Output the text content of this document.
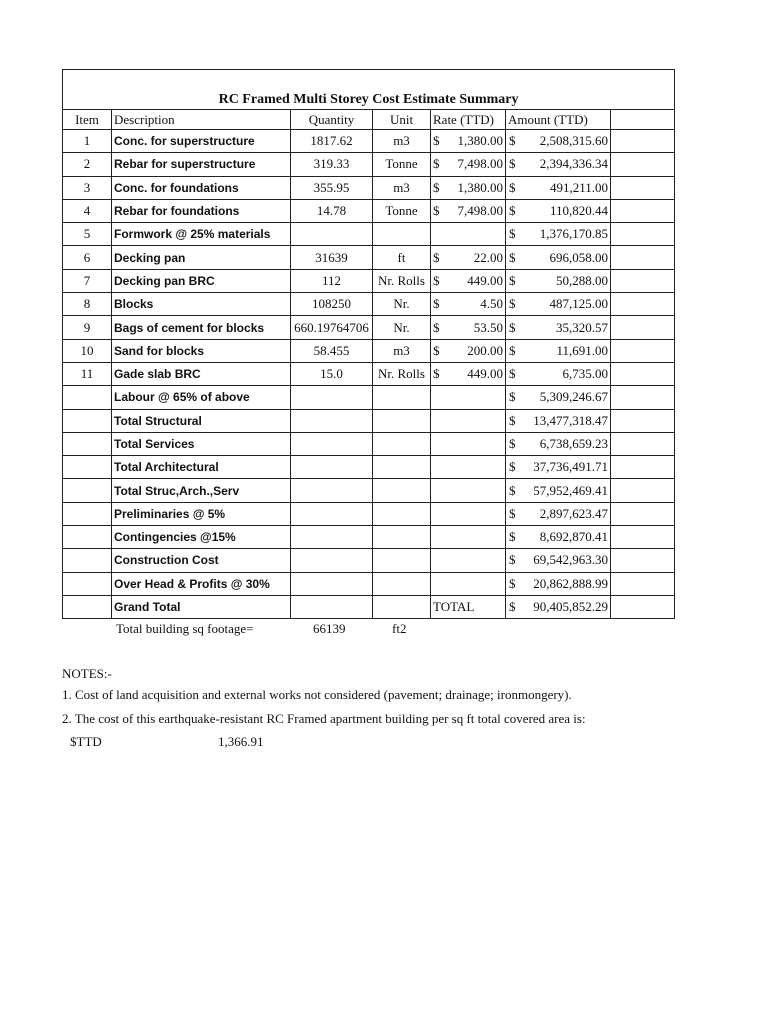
RC Framed Multi Storey Cost Estimate Summary						
Item	Description	Quantity	Unit	Rate (TTD)	Amount (TTD)	
1	Conc. for superstructure	1817.62	m3	$ 1,380.00	$ 2,508,315.60	

2	Rebar for superstructure	319.33	Tonne	$ 7,498.00	$ 2,394,336.34	

3	Conc. for foundations	355.95	m3	$ 1,380.00	$ 491,211.00	

4	Rebar for foundations	14.78	Tonne	$ 7,498.00	$ 110,820.44	

5	Formwork @ 25% materials				$ 1,376,170.85	

6	Decking pan	31639	ft	$ 22.00	$ 696,058.00	

7	Decking pan BRC	112	Nr. Rolls	$ 449.00	$ 50,288.00	

8	Blocks	108250	Nr.	$ 4.50	$ 487,125.00	

9	Bags of cement for blocks	660.19764706	Nr.	$ 53.50	$ 35,320.57	

10	Sand for blocks	58.455	m3	$ 200.00	$ 11,691.00	

11	Gade slab BRC	15.0	Nr. Rolls	$ 449.00	$ 6,735.00	

	Labour @ 65% of above				$ 5,309,246.67	

	Total Structural				$ 13,477,318.47	

	Total Services				$ 6,738,659.23	

	Total Architectural				$ 37,736,491.71	

	Total Struc,Arch.,Serv				$ 57,952,469.41	

	Preliminaries @ 5%				$ 2,897,623.47	

	Contingencies @15%				$ 8,692,870.41	

	Construction Cost				$ 69,542,963.30	

	Over Head & Profits @ 30%				$ 20,862,888.99	

	Grand Total			TOTAL	$ 90,405,852.29	

Total building sq footage=	66139	ft2
NOTES:-
1. Cost of land acquisition and external works not considered (pavement; drainage; ironmongery).
2. The cost of this earthquake-resistant RC Framed apartment building per sq ft total covered area is:
$TTD	1,366.91
